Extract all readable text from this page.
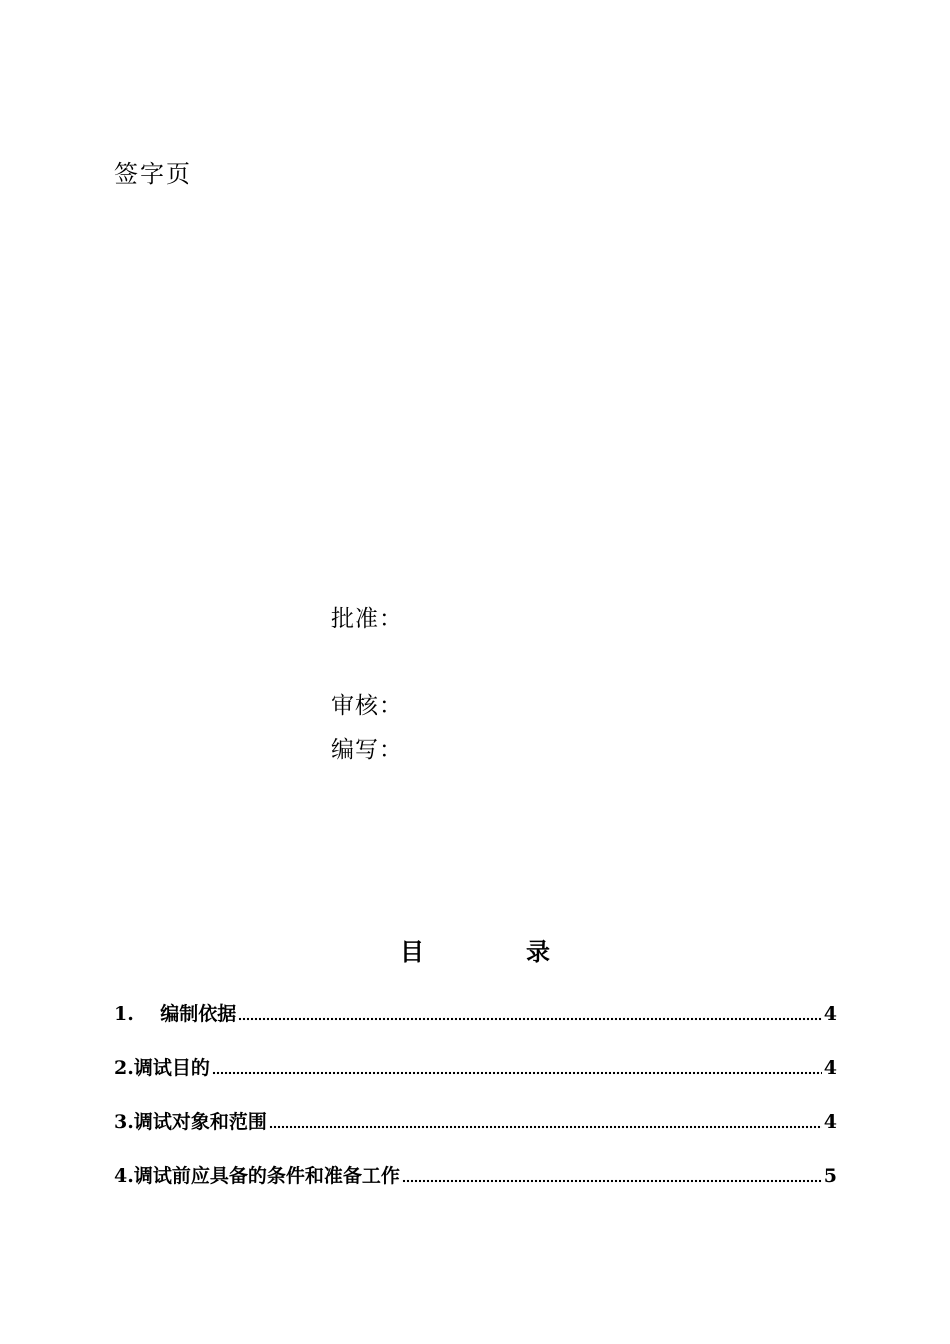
签字页
批准：
审核：
编写：
目	录
1. 编制依据	4
2. 调试目的	4
3. 调试对象和范围	4
4. 调试前应具备的条件和准备工作	5
